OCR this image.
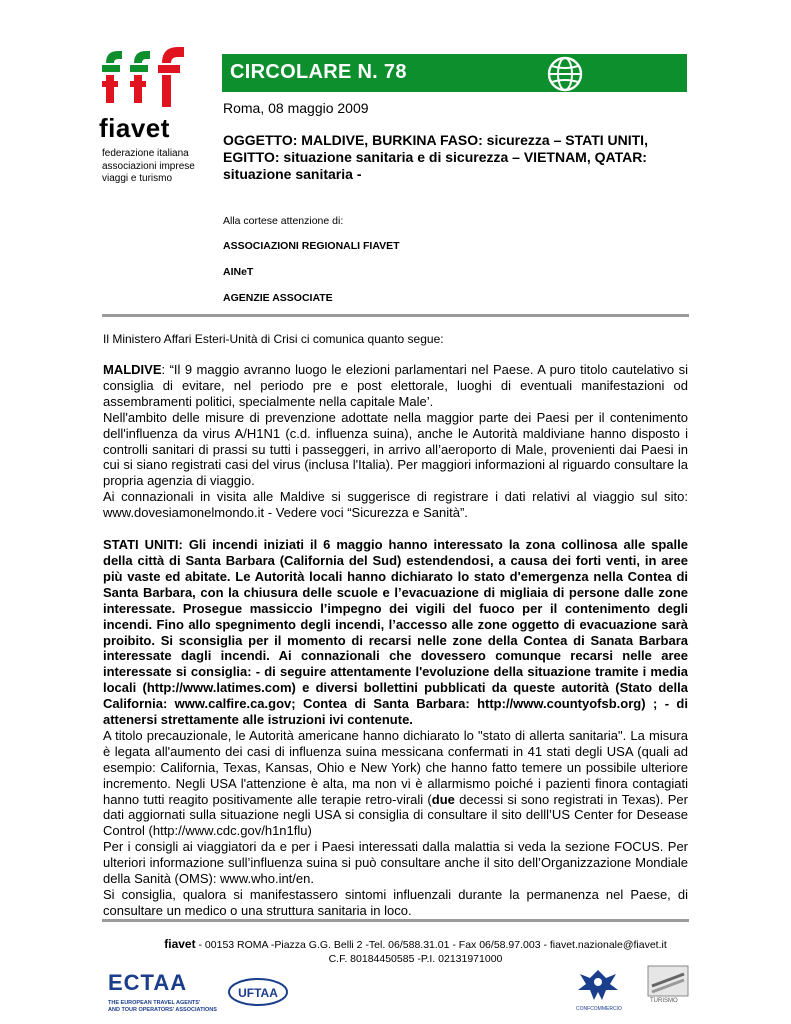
fiavet
federazione italiana
associazioni imprese
viaggi e turismo
CIRCOLARE N. 78
Roma, 08 maggio 2009
OGGETTO: MALDIVE, BURKINA FASO: sicurezza – STATI UNITI, EGITTO: situazione sanitaria e di sicurezza – VIETNAM, QATAR: situazione sanitaria -
Alla cortese attenzione di:
ASSOCIAZIONI REGIONALI FIAVET
AINeT
AGENZIE ASSOCIATE
Il Ministero Affari Esteri-Unità di Crisi ci comunica quanto segue:

MALDIVE: “Il 9 maggio avranno luogo le elezioni parlamentari nel Paese. A puro titolo cautelativo si consiglia di evitare, nel periodo pre e post elettorale, luoghi di eventuali manifestazioni od assembramenti politici, specialmente nella capitale Male’.

Nell'ambito delle misure di prevenzione adottate nella maggior parte dei Paesi per il contenimento dell'influenza da virus A/H1N1 (c.d. influenza suina), anche le Autorità maldiviane hanno disposto i controlli sanitari di prassi su tutti i passeggeri, in arrivo all’aeroporto di Male, provenienti dai Paesi in cui si siano registrati casi del virus (inclusa l'Italia). Per maggiori informazioni al riguardo consultare la propria agenzia di viaggio.

Ai connazionali in visita alle Maldive si suggerisce di registrare i dati relativi al viaggio sul sito: www.dovesiamonelmondo.it - Vedere voci “Sicurezza e Sanità”.

STATI UNITI: Gli incendi iniziati il 6 maggio hanno interessato la zona collinosa alle spalle della città di Santa Barbara (California del Sud) estendendosi, a causa dei forti venti, in aree più vaste ed abitate. Le Autorità locali hanno dichiarato lo stato d'emergenza nella Contea di Santa Barbara, con la chiusura delle scuole e l’evacuazione di migliaia di persone dalle zone interessate. Prosegue massiccio l’impegno dei vigili del fuoco per il contenimento degli incendi. Fino allo spegnimento degli incendi, l’accesso alle zone oggetto di evacuazione sarà proibito. Si sconsiglia per il momento di recarsi nelle zone della Contea di Sanata Barbara interessate dagli incendi. Ai connazionali che dovessero comunque recarsi nelle aree interessate si consiglia: - di seguire attentamente l'evoluzione della situazione tramite i media locali (http://www.latimes.com) e diversi bollettini pubblicati da queste autorità (Stato della California: www.calfire.ca.gov; Contea di Santa Barbara: http://www.countyofsb.org) ; - di attenersi strettamente alle istruzioni ivi contenute.

A titolo precauzionale, le Autorità americane hanno dichiarato lo "stato di allerta sanitaria". La misura è legata all'aumento dei casi di influenza suina messicana confermati in 41 stati degli USA (quali ad esempio: California, Texas, Kansas, Ohio e New York) che hanno fatto temere un possibile ulteriore incremento. Negli USA l'attenzione è alta, ma non vi è allarmismo poiché i pazienti finora contagiati hanno tutti reagito positivamente alle terapie retro-virali (due decessi si sono registrati in Texas). Per dati aggiornati sulla situazione negli USA si consiglia di consultare il sito delll’US Center for Desease Control (http://www.cdc.gov/h1n1flu)

Per i consigli ai viaggiatori da e per i Paesi interessati dalla malattia si veda la sezione FOCUS. Per ulteriori informazione sull’influenza suina si può consultare anche il sito dell’Organizzazione Mondiale della Sanità (OMS): www.who.int/en.

Si consiglia, qualora si manifestassero sintomi influenzali durante la permanenza nel Paese, di consultare un medico o una struttura sanitaria in loco.

fiavet - 00153 ROMA -Piazza G.G. Belli 2 -Tel. 06/588.31.01 - Fax 06/58.97.003 - fiavet.nazionale@fiavet.it
C.F. 80184450585 -P.I. 02131971000
ECTAA
THE EUROPEAN TRAVEL AGENTS'
AND TOUR OPERATORS' ASSOCIATIONS
UFTAA
CONFCOMMERCIO
TURISMO
